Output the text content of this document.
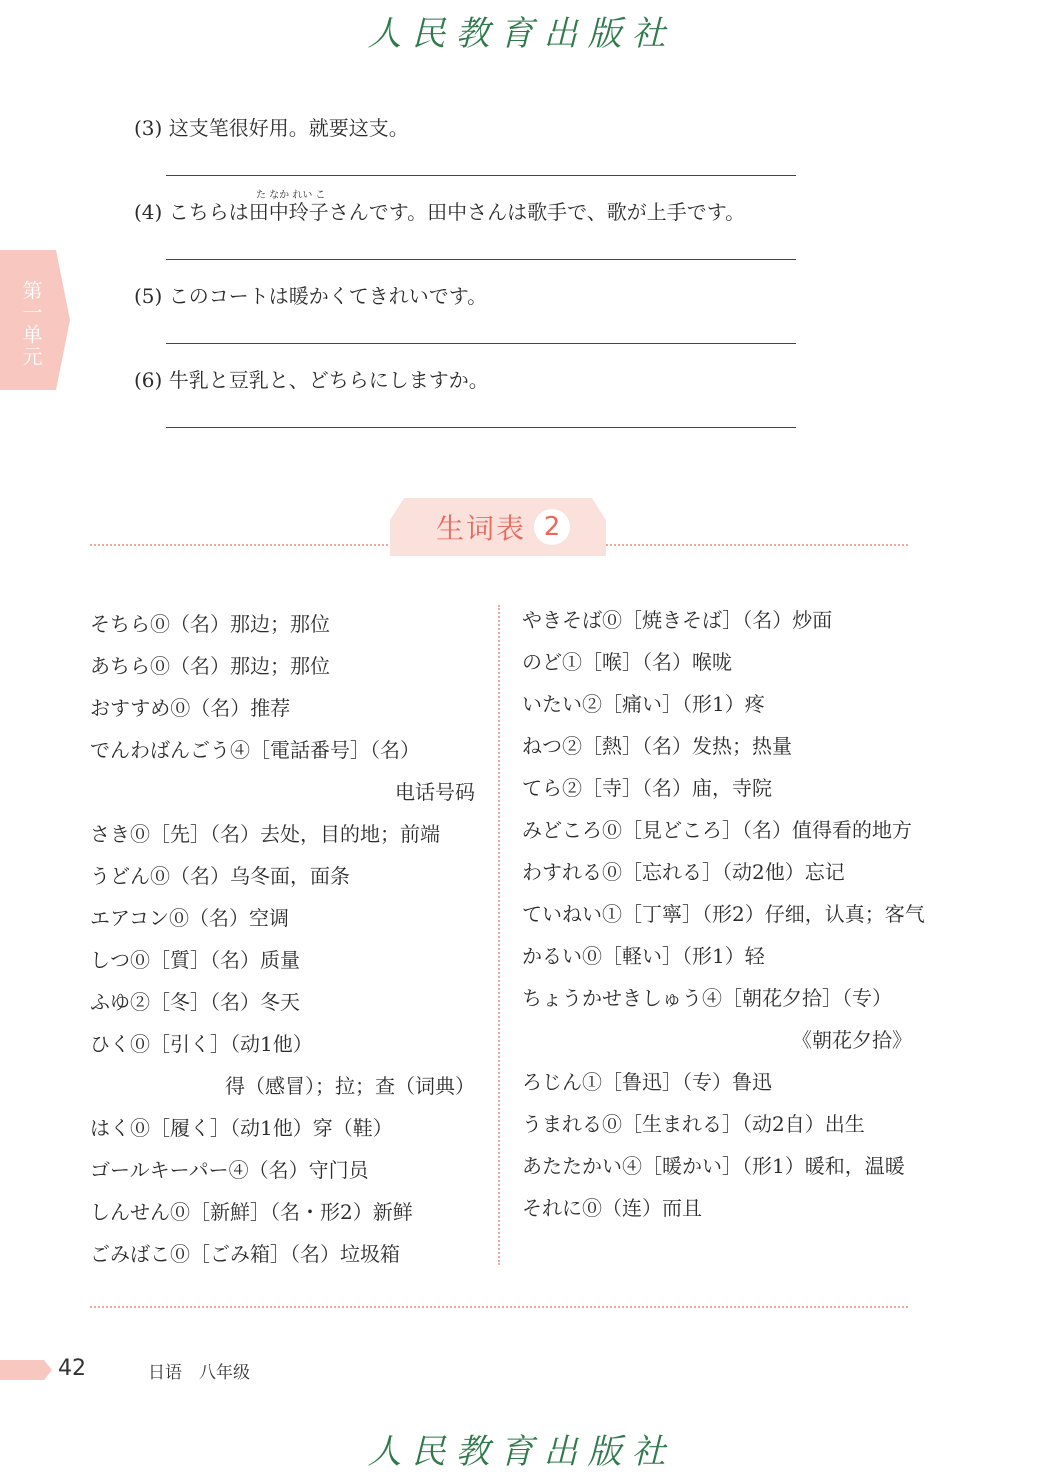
人民教育出版社
第一单元
(3) 这支笔很好用。就要这支。
た なか れい こ
(4) こちらは田中玲子さんです。田中さんは歌手で、歌が上手です。
(5) このコートは暖かくてきれいです。
(6) 牛乳と豆乳と、どちらにしますか。
生词表 2
そちら⓪（名）那边；那位
あちら⓪（名）那边；那位
おすすめ⓪（名）推荐
でんわばんごう④［電話番号］（名）
电话号码
さき⓪［先］（名）去处，目的地；前端
うどん⓪（名）乌冬面，面条
エアコン⓪（名）空调
しつ⓪［質］（名）质量
ふゆ②［冬］（名）冬天
ひく⓪［引く］（动1他）
得（感冒）；拉；查（词典）
はく⓪［履く］（动1他）穿（鞋）
ゴールキーパー④（名）守门员
しんせん⓪［新鮮］（名・形2）新鲜
ごみばこ⓪［ごみ箱］（名）垃圾箱
やきそば⓪［焼きそば］（名）炒面
のど①［喉］（名）喉咙
いたい②［痛い］（形1）疼
ねつ②［熱］（名）发热；热量
てら②［寺］（名）庙，寺院
みどころ⓪［見どころ］（名）值得看的地方
わすれる⓪［忘れる］（动2他）忘记
ていねい①［丁寧］（形2）仔细，认真；客气
かるい⓪［軽い］（形1）轻
ちょうかせきしゅう④［朝花夕拾］（专）
《朝花夕拾》
ろじん①［鲁迅］（专）鲁迅
うまれる⓪［生まれる］（动2自）出生
あたたかい④［暖かい］（形1）暖和，温暖
それに⓪（连）而且
42	日语　八年级
人民教育出版社
